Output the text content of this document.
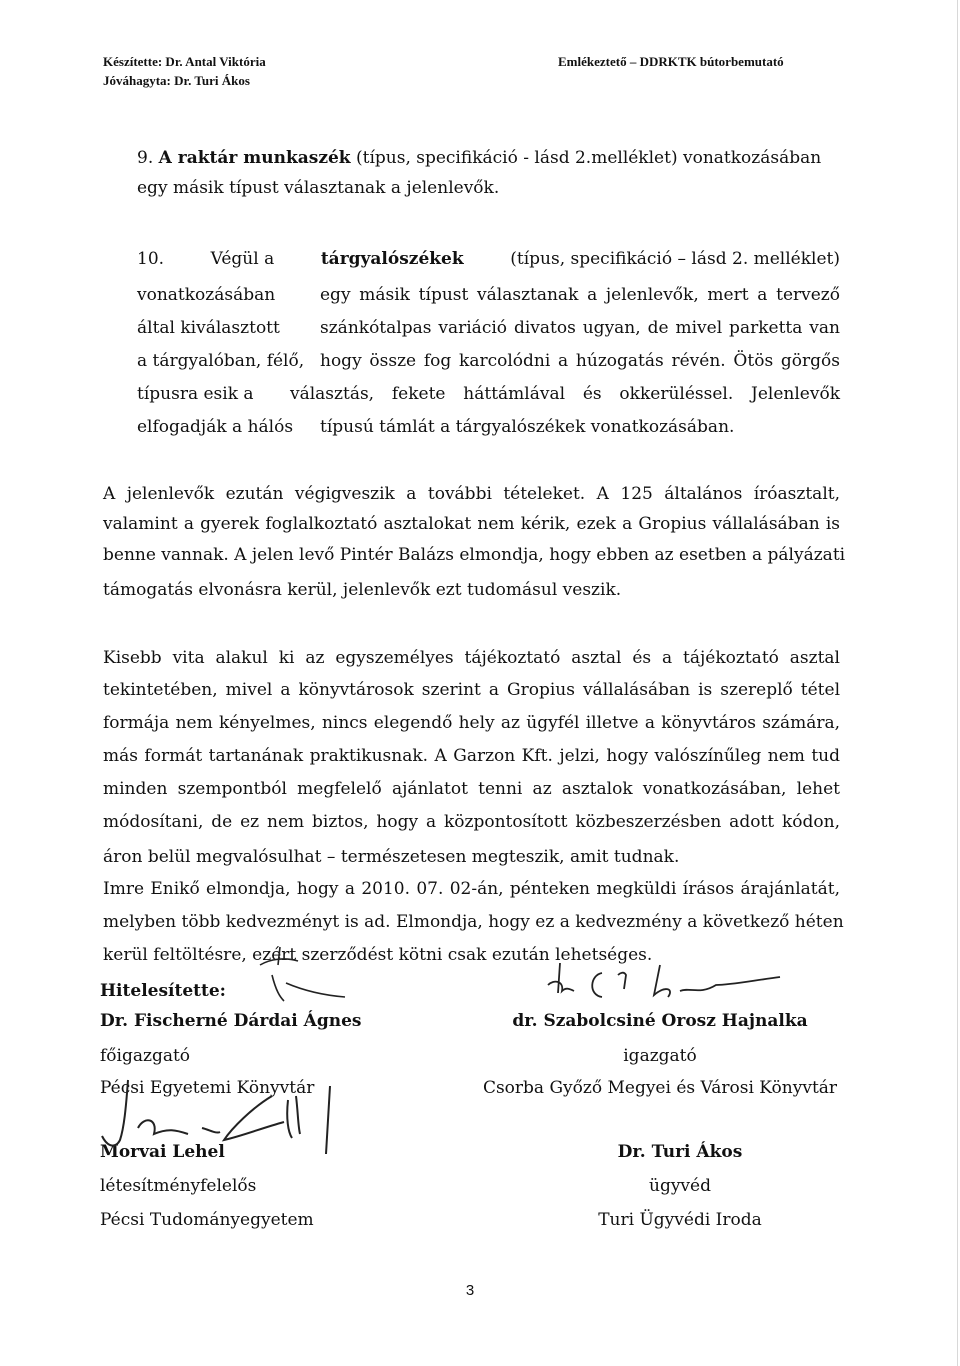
Készítette: Dr. Antal Viktória
Jóváhagyta: Dr. Turi Ákos
Emlékeztető – DDRKTK bútorbemutató
9. A raktár munkaszék (típus, specifikáció - lásd 2.melléklet) vonatkozásában
egy másik típust választanak a jelenlevők.
10.	Végül a	tárgyalószékek	(típus, specifikáció – lásd 2. melléklet)
vonatkozásában	egy másik típust választanak a jelenlevők, mert a tervező
által kiválasztott szánkótalpas variáció divatos ugyan, de mivel parketta van
a tárgyalóban, félő, hogy össze fog karcolódni a húzogatás révén. Ötös görgős
típusra esik a választás, fekete háttámlával és okkerüléssel. Jelenlevők
elfogadják a hálós típusú támlát a tárgyalószékek vonatkozásában.
A jelenlevők ezután végigveszik a további tételeket. A 125 általános íróasztalt,
valamint a gyerek foglalkoztató asztalokat nem kérik, ezek a Gropius vállalásában is
benne vannak. A jelen levő Pintér Balázs elmondja, hogy ebben az esetben a pályázati
támogatás elvonásra kerül, jelenlevők ezt tudomásul veszik.
Kisebb vita alakul ki az egyszemélyes tájékoztató asztal és a tájékoztató asztal
tekintetében, mivel a könyvtárosok szerint a Gropius vállalásában is szereplő tétel
formája nem kényelmes, nincs elegendő hely az ügyfél illetve a könyvtáros számára,
más formát tartanának praktikusnak. A Garzon Kft. jelzi, hogy valószínűleg nem tud
minden szempontból megfelelő ajánlatot tenni az asztalok vonatkozásában, lehet
módosítani, de ez nem biztos, hogy a központosított közbeszerzésben adott kódon,
áron belül megvalósulhat – természetesen megteszik, amit tudnak.
Imre Enikő elmondja, hogy a 2010. 07. 02-án, pénteken megküldi írásos árajánlatát,
melyben több kedvezményt is ad. Elmondja, hogy ez a kedvezmény a következő héten
kerül feltöltésre, ezért szerződést kötni csak ezután lehetséges.
Hitelesítette:
Dr. Fischerné Dárdai Ágnes
főigazgató
Pécsi Egyetemi Könyvtár
dr. Szabolcsiné Orosz Hajnalka
igazgató
Csorba Győző Megyei és Városi Könyvtár
Morvai Lehel
létesítményfelelős
Pécsi Tudományegyetem
Dr. Turi Ákos
ügyvéd
Turi Ügyvédi Iroda
3
